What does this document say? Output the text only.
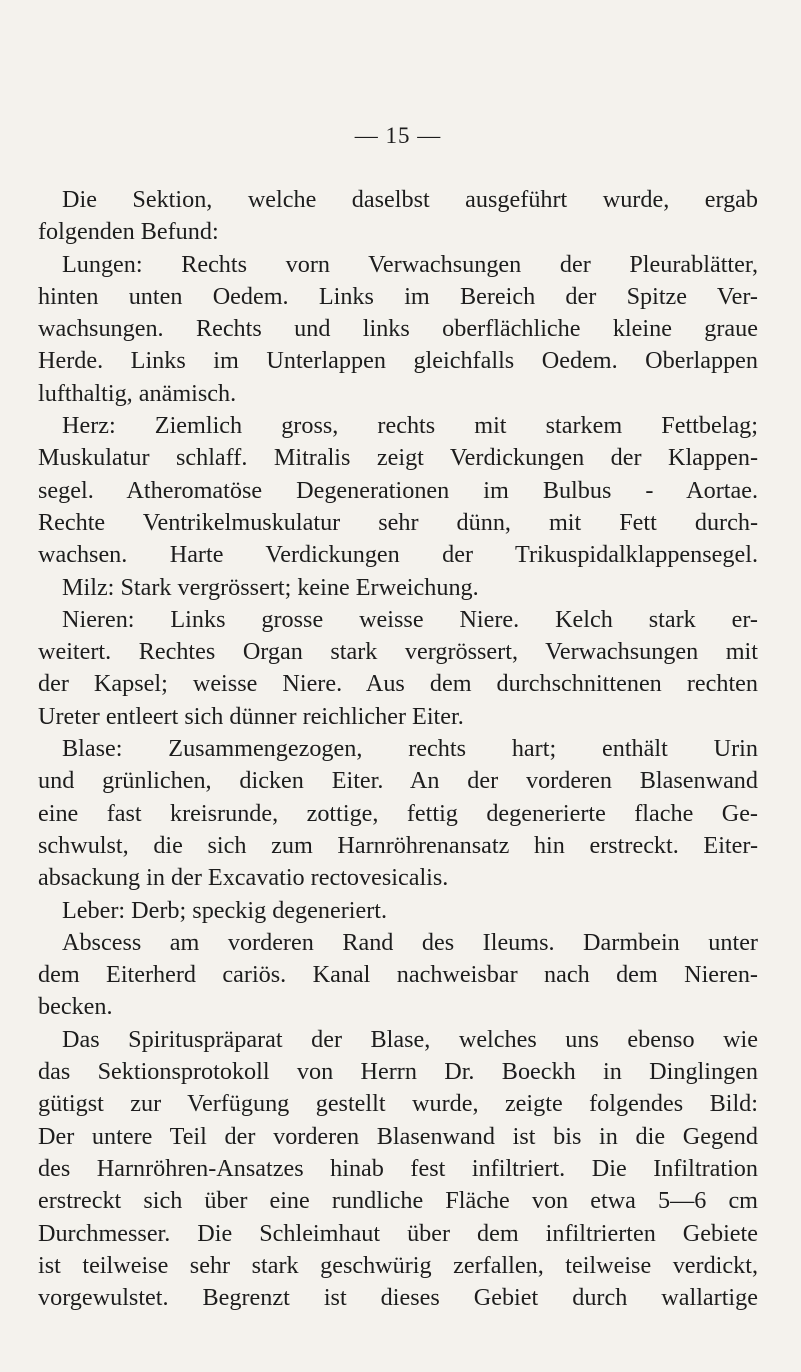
— 15 —
Die Sektion, welche daselbst ausgeführt wurde, ergab
folgenden Befund:
Lungen: Rechts vorn Verwachsungen der Pleurablätter,
hinten unten Oedem. Links im Bereich der Spitze Ver-
wachsungen. Rechts und links oberflächliche kleine graue
Herde. Links im Unterlappen gleichfalls Oedem. Oberlappen
lufthaltig, anämisch.
Herz: Ziemlich gross, rechts mit starkem Fettbelag;
Muskulatur schlaff. Mitralis zeigt Verdickungen der Klappen-
segel. Atheromatöse Degenerationen im Bulbus - Aortae.
Rechte Ventrikelmuskulatur sehr dünn, mit Fett durch-
wachsen. Harte Verdickungen der Trikuspidalklappensegel.
Milz: Stark vergrössert; keine Erweichung.
Nieren: Links grosse weisse Niere. Kelch stark er-
weitert. Rechtes Organ stark vergrössert, Verwachsungen mit
der Kapsel; weisse Niere. Aus dem durchschnittenen rechten
Ureter entleert sich dünner reichlicher Eiter.
Blase: Zusammengezogen, rechts hart; enthält Urin
und grünlichen, dicken Eiter. An der vorderen Blasenwand
eine fast kreisrunde, zottige, fettig degenerierte flache Ge-
schwulst, die sich zum Harnröhrenansatz hin erstreckt. Eiter-
absackung in der Excavatio rectovesicalis.
Leber: Derb; speckig degeneriert.
Abscess am vorderen Rand des Ileums. Darmbein unter
dem Eiterherd cariös. Kanal nachweisbar nach dem Nieren-
becken.
Das Spirituspräparat der Blase, welches uns ebenso wie
das Sektionsprotokoll von Herrn Dr. Boeckh in Dinglingen
gütigst zur Verfügung gestellt wurde, zeigte folgendes Bild:
Der untere Teil der vorderen Blasenwand ist bis in die Gegend
des Harnröhren-Ansatzes hinab fest infiltriert. Die Infiltration
erstreckt sich über eine rundliche Fläche von etwa 5—6 cm
Durchmesser. Die Schleimhaut über dem infiltrierten Gebiete
ist teilweise sehr stark geschwürig zerfallen, teilweise verdickt,
vorgewulstet. Begrenzt ist dieses Gebiet durch wallartige
